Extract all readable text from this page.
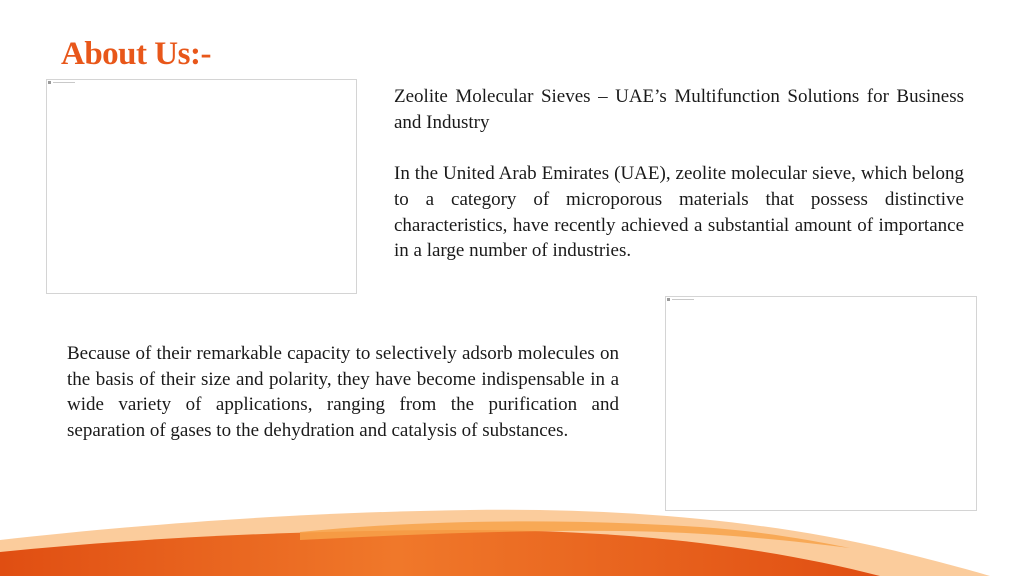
About Us:-

Zeolite Molecular Sieves – UAE’s Multifunction Solutions for Business and Industry

In the United Arab Emirates (UAE), zeolite molecular sieve, which belong to a category of microporous materials that possess distinctive characteristics, have recently achieved a substantial amount of importance in a large number of industries.

Because of their remarkable capacity to selectively adsorb molecules on the basis of their size and polarity, they have become indispensable in a wide variety of applications, ranging from the purification and separation of gases to the dehydration and catalysis of substances.
